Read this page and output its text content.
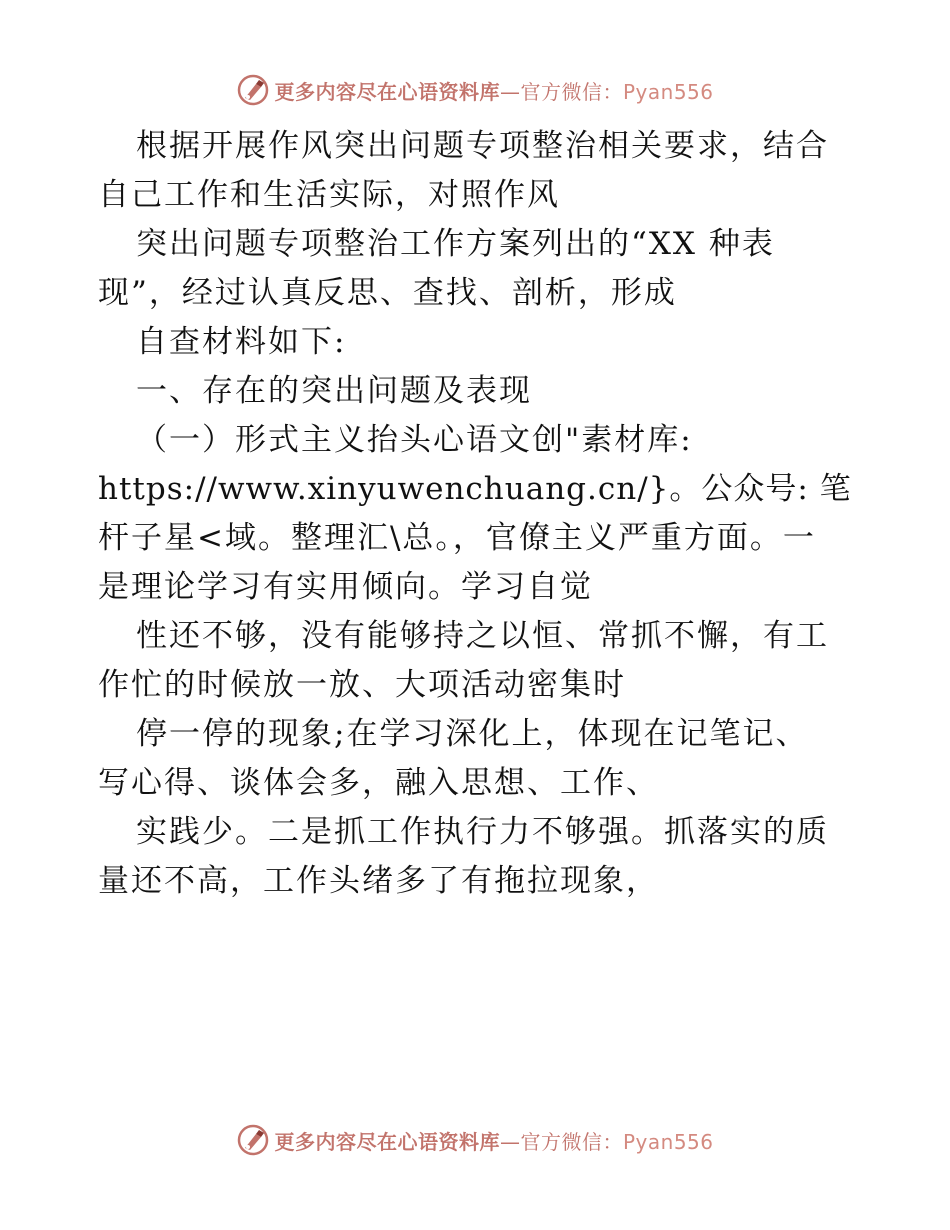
更多内容尽在心语资料库—官方微信：Pyan556
根据开展作风突出问题专项整治相关要求，结合
自己工作和生活实际，对照作风
突出问题专项整治工作方案列出的“XX 种表
现”，经过认真反思、查找、剖析，形成
自查材料如下:
一、存在的突出问题及表现
（一）形式主义抬头心语文创"素材库:
https://www.xinyuwenchuang.cn/}。公众号: 笔
杆子星<域。整理汇\总。，官僚主义严重方面。一
是理论学习有实用倾向。学习自觉
性还不够，没有能够持之以恒、常抓不懈，有工
作忙的时候放一放、大项活动密集时
停一停的现象;在学习深化上，体现在记笔记、
写心得、谈体会多，融入思想、工作、
实践少。二是抓工作执行力不够强。抓落实的质
量还不高，工作头绪多了有拖拉现象，
更多内容尽在心语资料库—官方微信：Pyan556
